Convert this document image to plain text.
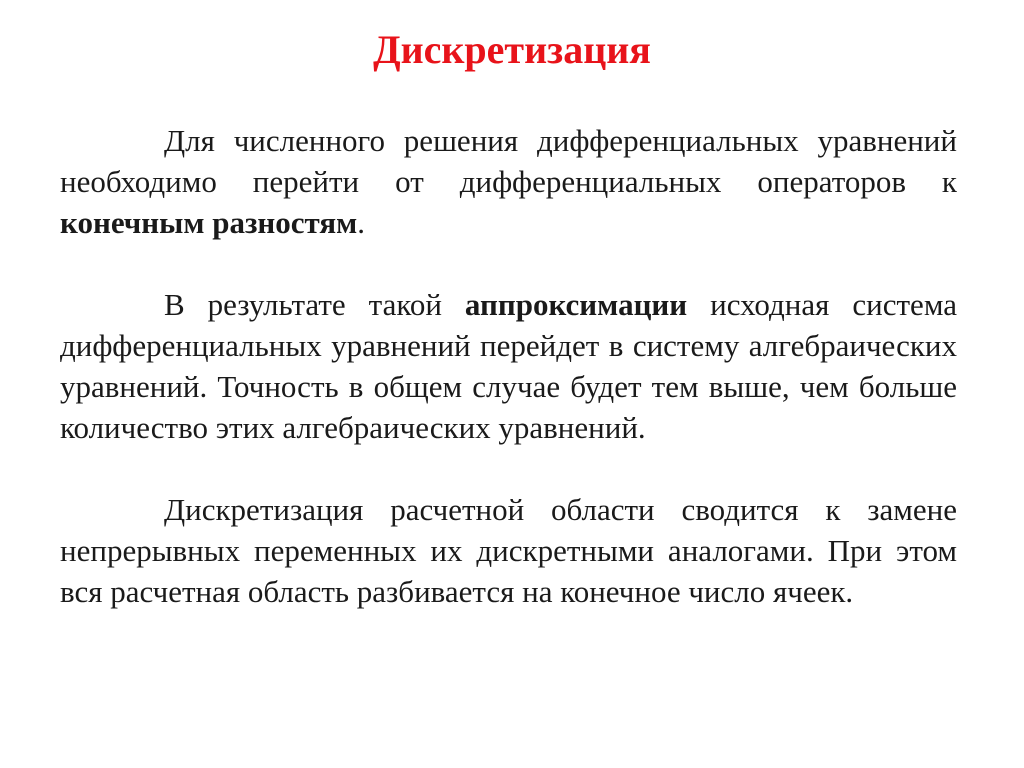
Дискретизация

Для численного решения дифференциальных уравнений необходимо перейти от дифференциальных операторов к конечным разностям.

В результате такой аппроксимации исходная система дифференциальных уравнений перейдет в систему алгебраических уравнений. Точность в общем случае будет тем выше, чем больше количество этих алгебраических уравнений.

Дискретизация расчетной области сводится к замене непрерывных переменных их дискретными аналогами. При этом вся расчетная область разбивается на конечное число ячеек.
